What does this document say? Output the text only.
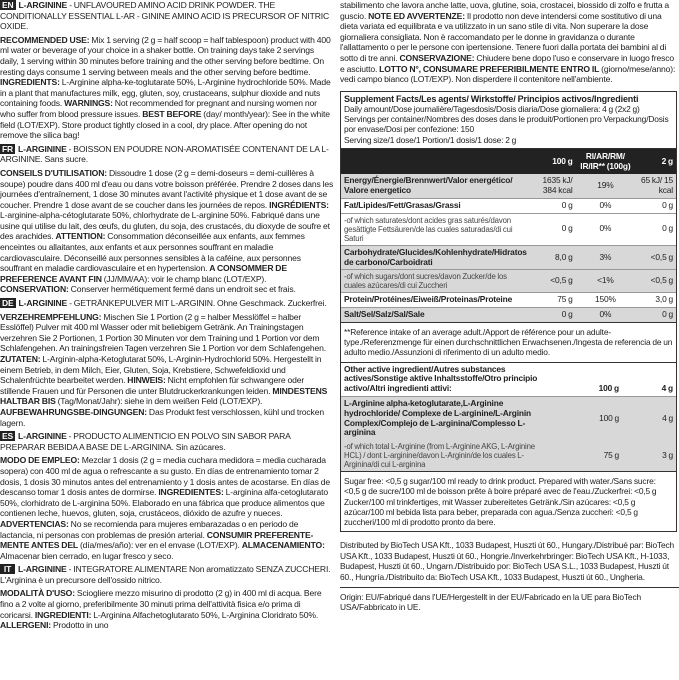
EN L-ARGININE - UNFLAVOURED AMINO ACID DRINK POWDER. THE CONDITIONALLY ESSENTIAL L-AR - GININE AMINO ACID IS PRECURSOR OF NITRIC OXIDE.

RECOMMENDED USE: Mix 1 serving (2 g = half scoop = half tablespoon) product with 400 ml water or beverage of your choice in a shaker bottle. On training days take 2 servings daily, 1 serving within 30 minutes before training and the other serving before bedtime. On resting days consume 1 serving between meals and the other serving before bedtime. INGREDIENTS: L-Arginine alpha-ke-toglutarate 50%, L-Arginine hydrochloride 50%. Made in a plant that manufactures milk, egg, gluten, soy, crustaceans, sulphur dioxide and nuts containing foods. WARNINGS: Not recommended for pregnant and nursing women nor who suffer from blood pressure issues. BEST BEFORE (day/ month/year): See in the white field (LOT/EXP). Store product tightly closed in a cool, dry place. After opening do not remove the silica bag!

FR L-ARGININE - BOISSON EN POUDRE NON-AROMATISÉE CONTENANT DE LA L-ARGININE. Sans sucre.

CONSEILS D'UTILISATION: Dissoudre 1 dose (2 g = demi-doseurs = demi-cuillères à soupe) poudre dans 400 ml d'eau ou dans votre boisson préférée. Prendre 2 doses dans les journées d'entraînement, 1 dose 30 minutes avant l'activité physique et 1 dose avant de se coucher. Prendre 1 dose avant de se coucher dans les journées de repos. INGRÉDIENTS: L-arginine-alpha-cétoglutarate 50%, chlorhydrate de L-arginine 50%. Fabriqué dans une usine qui utilise du lait, des œufs, du gluten, du soja, des crustacés, du dioxyde de soufre et des arachides. ATTENTION: Consommation déconseillée aux enfants, aux femmes enceintes ou allaitantes, aux enfants et aux personnes souffrant en maladie cardiovasculaire. Déconseillé aux personnes sensibles à la caféine, aux personnes souffrant en maladie cardiovasculaire et en hypertension. A CONSOMMER DE PREFERENCE AVANT FIN (JJ/MM/AA): voir le champ blanc (LOT/EXP). CONSERVATION: Conserver hermétiquement fermé dans un endroit sec et frais.

DE L-ARGININE - GETRÄNKEPULVER MIT L-ARGININ. Ohne Geschmack. Zuckerfrei.

VERZEHREMPFEHLUNG: Mischen Sie 1 Portion (2 g = halber Messlöffel = halber Esslöffel) Pulver mit 400 ml Wasser oder mit beliebigem Getränk. An Trainingstagen verzehren Sie 2 Portionen, 1 Portion 30 Minuten vor dem Training und 1 Portion vor dem Schlafengehen. An trainingsfreien Tagen verzehren Sie 1 Portion vor dem Schlafengehen. ZUTATEN: L-Arginin-alpha-Ketoglutarat 50%, L-Arginin-Hydrochlorid 50%. Hergestellt in einem Betrieb, in dem Milch, Eier, Gluten, Soja, Krebstiere, Schwefeldioxid und Schalenfrüchte bearbeitet werden. HINWEIS: Nicht empfohlen für schwangere oder stillende Frauen und für Personen die unter Blutdruckerkrankungen leiden. MINDESTENS HALTBAR BIS (Tag/Monat/Jahr): siehe in dem weißen Feld (LOT/EXP). AUFBEWAHRUNGSBE-DINGUNGEN: Das Produkt fest verschlossen, kühl und trocken lagern.

ES L-ARGININE - PRODUCTO ALIMENTICIO EN POLVO SIN SABOR PARA PREPARAR BEBIDA A BASE DE L-ARGININA. Sin azúcares.

MODO DE EMPLEO: Mezclar 1 dosis (2 g = media cuchara medidora = media cucharada sopera) con 400 ml de agua o refrescante a su gusto. En días de entrenamiento tomar 2 dosis, 1 dosis 30 minutos antes del entrenamiento y 1 dosis antes de acostarse. En días de descanso tomar 1 dosis antes de dormirse. INGREDIENTES: L-arginina alfa-cetoglutarato 50%, clorhidrato de L-arginina 50%. Elaborado en una fábrica que produce alimentos que contienen leche, huevos, gluten, soja, crustáceos, dióxido de azufre y nueces. ADVERTENCIAS: No se recomienda para mujeres embarazadas o en periodo de lactancia, ni personas con problemas de presión arterial. CONSUMIR PREFERENTE-MENTE ANTES DEL (día/mes/año): ver en el envase (LOT/EXP). ALMACENAMIENTO: Almacenar bien cerrado, en lugar fresco y seco.

IT L-ARGININE - INTEGRATORE ALIMENTARE Non aromatizzato SENZA ZUCCHERI. L'Arginina è un precursore dell'ossido nitrico.

MODALITÀ D'USO: Sciogliere mezzo misurino di prodotto (2 g) in 400 ml di acqua. Bere fino a 2 volte al giorno, preferibilmente 30 minuti prima dell'attività fisica e/o prima di coricarsi. INGREDIENTI: L-Arginina Alfachetoglutarato 50%, L-Arginina Cloridrato 50%. ALLERGENI: Prodotto in uno

stabilimento che lavora anche latte, uova, glutine, soia, crostacei, biossido di zolfo e frutta a guscio. NOTE ED AVVERTENZE: Il prodotto non deve intendersi come sostitutivo di una dieta variata ed equilibrata e va utilizzato in un sano stile di vita. Non superare la dose giornaliera consigliata. Non è raccomandato per le donne in gravidanza o durante l'allattamento o per le persone con ipertensione. Tenere fuori dalla portata dei bambini al di sotto di tre anni. CONSERVAZIONE: Chiudere bene dopo l'uso e conservare in luogo fresco e asciutto. LOTTO N°, CONSUMARE PREFERIBILMENTE ENTRO IL (giorno/mese/anno): vedi campo bianco (LOT/EXP). Non disperdere il contenitore nell'ambiente.

Supplement Facts/Les agents/ Wirkstoffe/ Principios activos/Ingredienti
Daily amount/Dose journalière/Tagesdosis/Dosis diaria/Dose giornaliera: 4 g (2x2 g)
Servings per container/Nombres des doses dans le produit/Portionen pro Verpackung/Dosis por envase/Dosi per confezione: 150
Serving size/1 dose/1 Portion/1 dosis/1 dose: 2 g
	100 g	RI/AR/RM/ IR/IR** (100g)	2 g
Energy/Énergie/Brennwert/Valor energético/ Valore energetico	1635 kJ/ 384 kcal	19%	65 kJ/ 15 kcal
Fat/Lipides/Fett/Grasas/Grassi	0 g	0%	0 g
-of which saturates/dont acides gras saturés/davon gesättigte Fettsäuren/de las cuales saturadas/di cui Saturi	0 g	0%	0 g
Carbohydrate/Glucides/Kohlenhydrate/Hidratos de carbono/Carboidrati	8,0 g	3%	<0,5 g
-of which sugars/dont sucres/davon Zucker/de los cuales azúcares/di cui Zuccheri	<0,5 g	<1%	<0,5 g
Protein/Protéines/Eiweiß/Proteinas/Proteine	75 g	150%	3,0 g
Salt/Sel/Salz/Sal/Sale	0 g	0%	0 g
**Reference intake of an average adult./Apport de référence pour un adulte-type./Referenzmenge für einen durchschnittlichen Erwachsenen./Ingesta de referencia de un adulto medio./Assunzioni di riferimento di un adulto medio.
Other active ingredient/Autres substances actives/Sonstige aktive Inhaltsstoffe/Otro principio activo/Altri ingredienti attivi:	100 g	4 g
L-Arginine alpha-ketoglutarate,L-Arginine hydrochloride/ Complexe de L-arginine/L-Arginin Complex/Complejo de L-arginina/Complesso L-arginina	100 g	4 g
-of which total L-Arginine (from L-Arginine AKG, L-Arginine HCL) / dont L-arginine/davon L-Arginin/de los cuales L-Arginina/di cui L-arginina	75 g	3 g
Sugar free: <0,5 g sugar/100 ml ready to drink product. Prepared with water./Sans sucre: <0,5 g de sucre/100 ml de boisson prête à boire préparé avec de l'eau./Zuckerfrei: <0,5 g Zucker/100 ml trinkfertiges, mit Wasser zubereitetes Getränk./Sin azúcares: <0,5 g azúcar/100 ml bebida lista para beber, preparada con agua./Senza zuccheri: <0,5 g zuccheri/100 ml di prodotto pronto da bere.

Distributed by BioTech USA Kft., 1033 Budapest, Huszti út 60., Hungary./Distribué par: BioTech USA Kft., 1033 Budapest, Huszti út 60., Hongrie./Inverkehrbringer: BioTech USA Kft., H-1033, Budapest, Huszti út 60., Ungarn./Distribuido por: BioTech USA S.L., 1033 Budapest, Huszti út 60., Hungría./Distribuito da: BioTech USA Kft., 1033 Budapest, Huszti út 60., Ungheria.

Origin: EU/Fabriqué dans l'UE/Hergestellt in der EU/Fabricado en la UE para BioTech USA/Fabbricato in UE.
